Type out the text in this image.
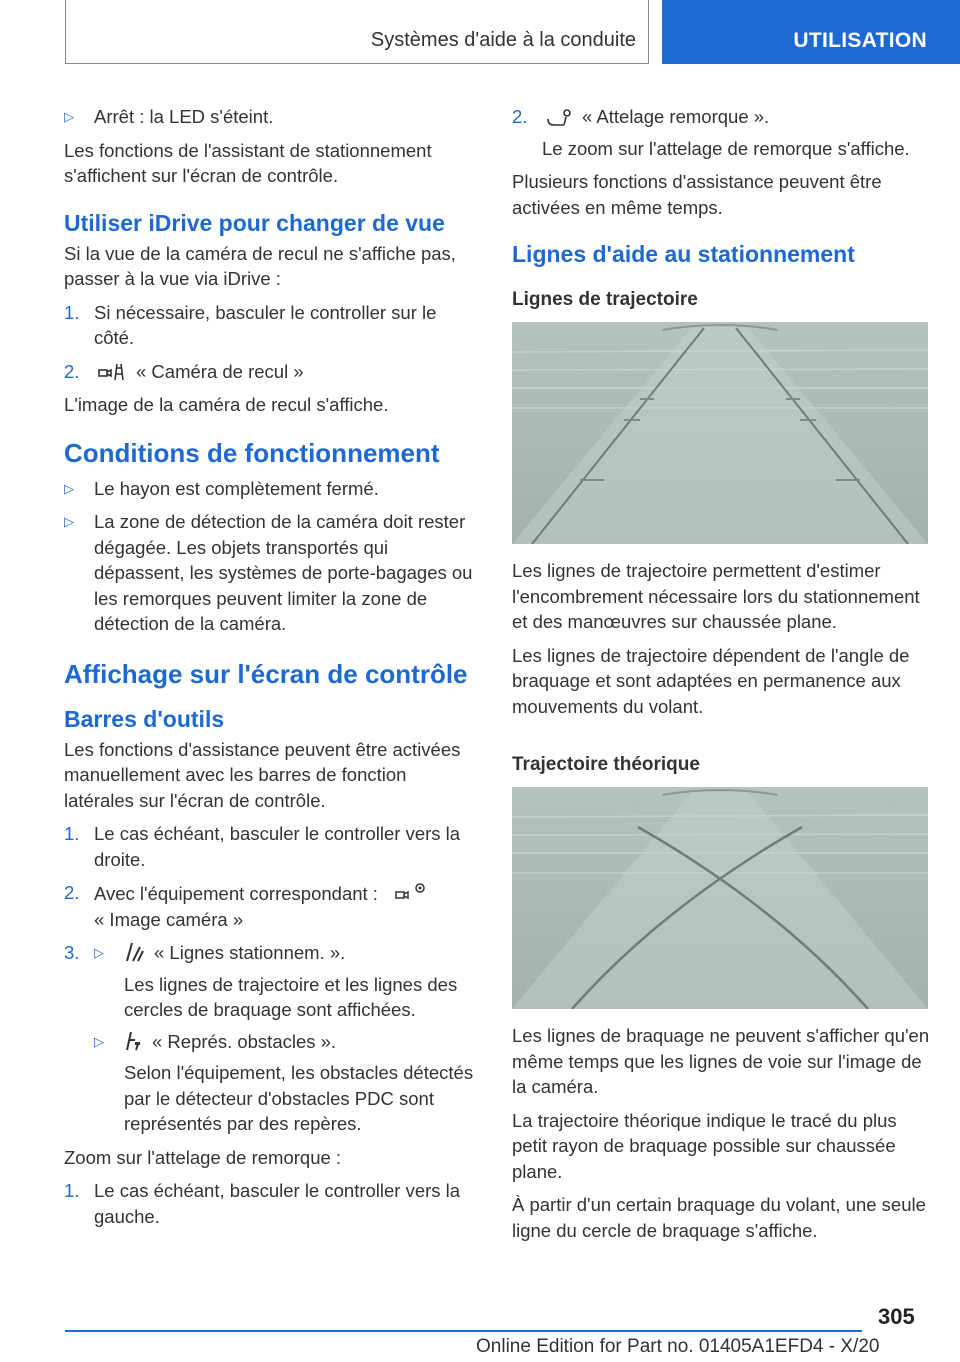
Systèmes d'aide à la conduite	UTILISATION
▷ Arrêt : la LED s'éteint.

Les fonctions de l'assistant de stationnement s'affichent sur l'écran de contrôle.

Utiliser iDrive pour changer de vue

Si la vue de la caméra de recul ne s'affiche pas, passer à la vue via iDrive :

1. Si nécessaire, basculer le controller sur le côté.

2.	« Caméra de recul »

L'image de la caméra de recul s'affiche.

Conditions de fonctionnement
▷ Le hayon est complètement fermé.

▷ La zone de détection de la caméra doit rester dégagée. Les objets transportés qui dépassent, les systèmes de porte-bagages ou les remorques peuvent limiter la zone de détection de la caméra.

Affichage sur l'écran de contrôle
Barres d'outils

Les fonctions d'assistance peuvent être activées manuellement avec les barres de fonction latérales sur l'écran de contrôle.

1. Le cas échéant, basculer le controller vers la droite.

2. Avec l'équipement correspondant :
« Image caméra »

3. ▷	« Lignes stationnem. ».

Les lignes de trajectoire et les lignes des cercles de braquage sont affichées.

▷	« Représ. obstacles ».

Selon l'équipement, les obstacles détectés par le détecteur d'obstacles PDC sont représentés par des repères.

Zoom sur l'attelage de remorque :

1. Le cas échéant, basculer le controller vers la gauche.

2.	« Attelage remorque ».

Le zoom sur l'attelage de remorque s'affiche.

Plusieurs fonctions d'assistance peuvent être activées en même temps.

Lignes d'aide au stationnement
Lignes de trajectoire

Les lignes de trajectoire permettent d'estimer l'encombrement nécessaire lors du stationnement et des manœuvres sur chaussée plane.

Les lignes de trajectoire dépendent de l'angle de braquage et sont adaptées en permanence aux mouvements du volant.

Trajectoire théorique

Les lignes de braquage ne peuvent s'afficher qu'en même temps que les lignes de voie sur l'image de la caméra.

La trajectoire théorique indique le tracé du plus petit rayon de braquage possible sur chaussée plane.

À partir d'un certain braquage du volant, une seule ligne du cercle de braquage s'affiche.

305
Online Edition for Part no. 01405A1EFD4 - X/20
